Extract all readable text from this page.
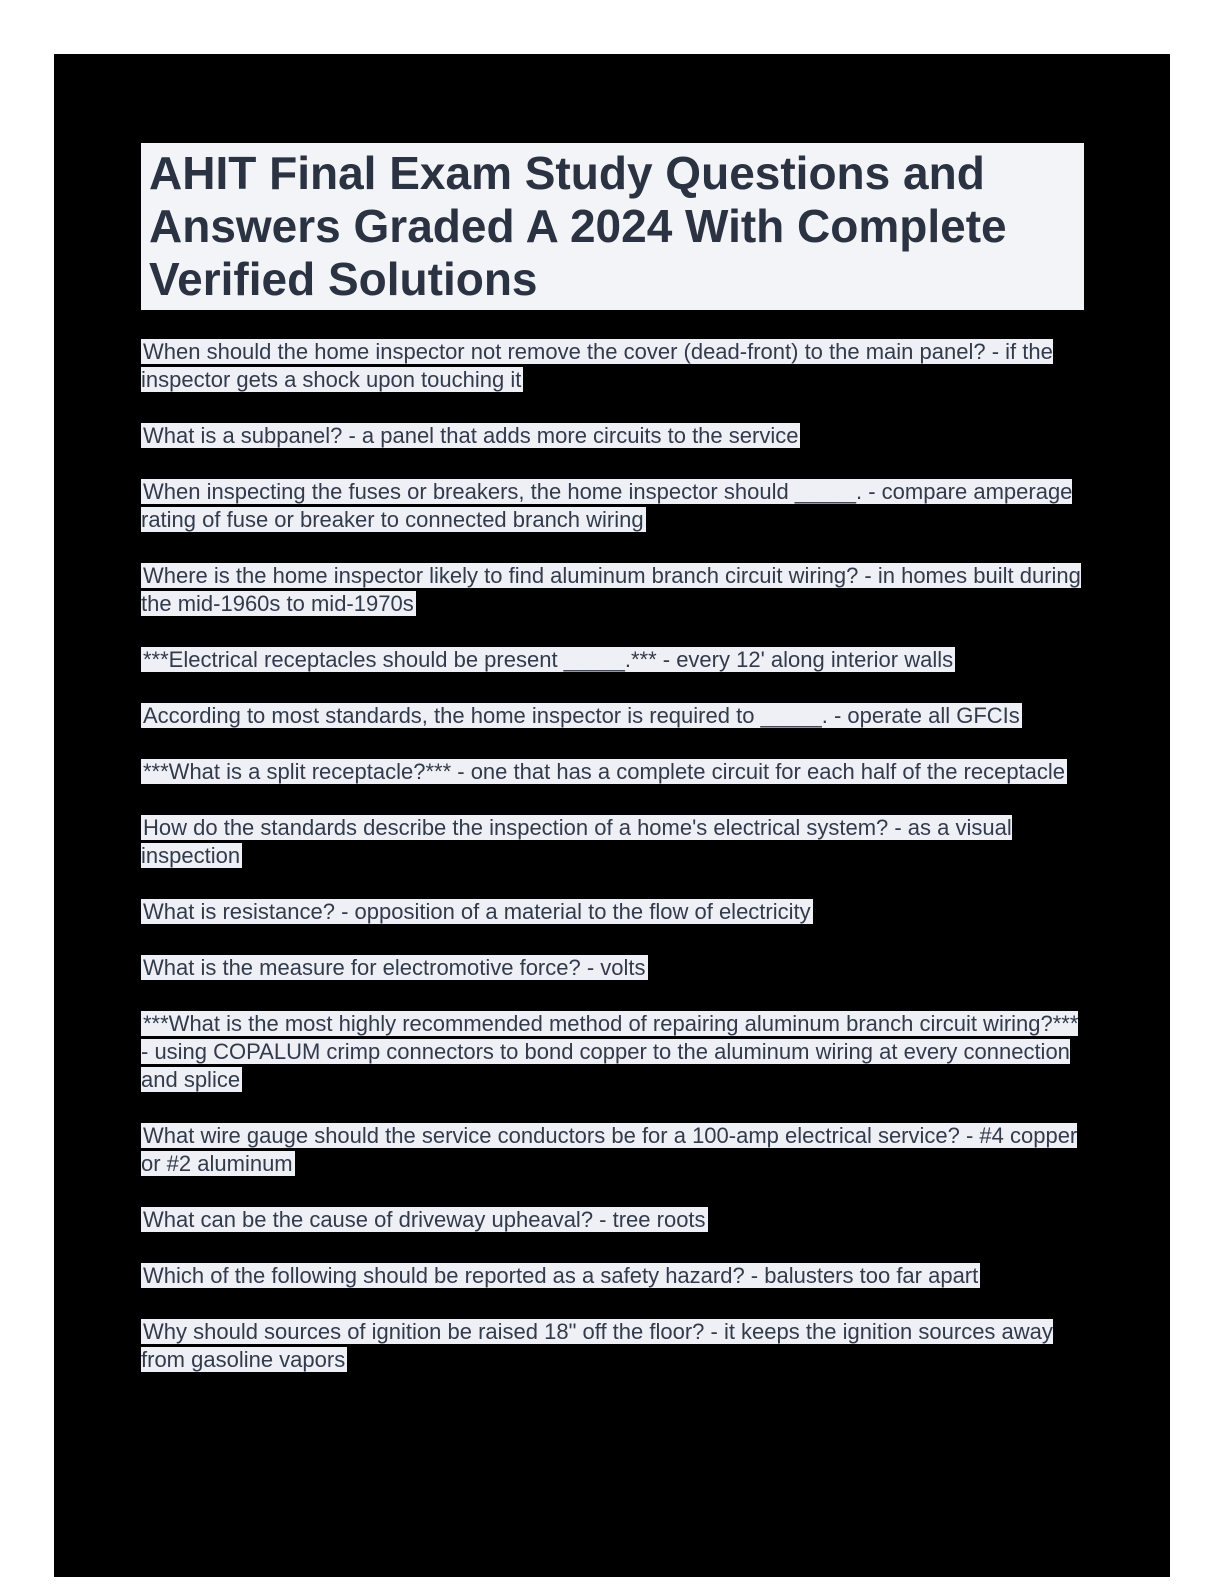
AHIT Final Exam Study Questions and Answers Graded A 2024 With Complete Verified Solutions

When should the home inspector not remove the cover (dead-front) to the main panel? - if the inspector gets a shock upon touching it

What is a subpanel? - a panel that adds more circuits to the service

When inspecting the fuses or breakers, the home inspector should _____. - compare amperage rating of fuse or breaker to connected branch wiring

Where is the home inspector likely to find aluminum branch circuit wiring? - in homes built during the mid-1960s to mid-1970s

***Electrical receptacles should be present _____.*** - every 12' along interior walls

According to most standards, the home inspector is required to _____. - operate all GFCIs

***What is a split receptacle?*** - one that has a complete circuit for each half of the receptacle

How do the standards describe the inspection of a home's electrical system? - as a visual inspection

What is resistance? - opposition of a material to the flow of electricity

What is the measure for electromotive force? - volts

***What is the most highly recommended method of repairing aluminum branch circuit wiring?*** - using COPALUM crimp connectors to bond copper to the aluminum wiring at every connection and splice

What wire gauge should the service conductors be for a 100-amp electrical service? - #4 copper or #2 aluminum

What can be the cause of driveway upheaval? - tree roots

Which of the following should be reported as a safety hazard? - balusters too far apart

Why should sources of ignition be raised 18" off the floor? - it keeps the ignition sources away from gasoline vapors
